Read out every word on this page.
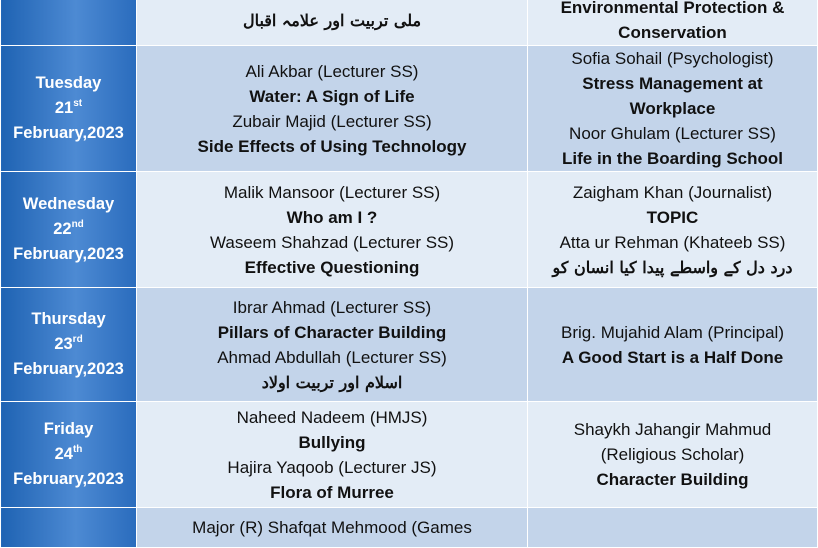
	ملی تربیت اور علامہ اقبال	Environmental Protection &
Conservation

Tuesday
21st
February,2023	Ali Akbar (Lecturer SS)
Water: A Sign of Life
Zubair Majid (Lecturer SS)
Side Effects of Using Technology	Sofia Sohail (Psychologist)
Stress Management at
Workplace
Noor Ghulam (Lecturer SS)
Life in the Boarding School

Wednesday
22nd
February,2023	Malik Mansoor (Lecturer SS)
Who am I ?
Waseem Shahzad (Lecturer SS)
Effective Questioning	Zaigham Khan (Journalist)
TOPIC
Atta ur Rehman (Khateeb SS)
درد دل کے واسطے پیدا کیا انسان کو

Thursday
23rd
February,2023	Ibrar Ahmad (Lecturer SS)
Pillars of Character Building
Ahmad Abdullah (Lecturer SS)
اسلام اور تربیت اولاد	Brig. Mujahid Alam (Principal)
A Good Start is a Half Done

Friday
24th
February,2023	Naheed Nadeem (HMJS)
Bullying
Hajira Yaqoob (Lecturer JS)
Flora of Murree	Shaykh Jahangir Mahmud
(Religious Scholar)
Character Building

	Major (R) Shafqat Mehmood (Games	
